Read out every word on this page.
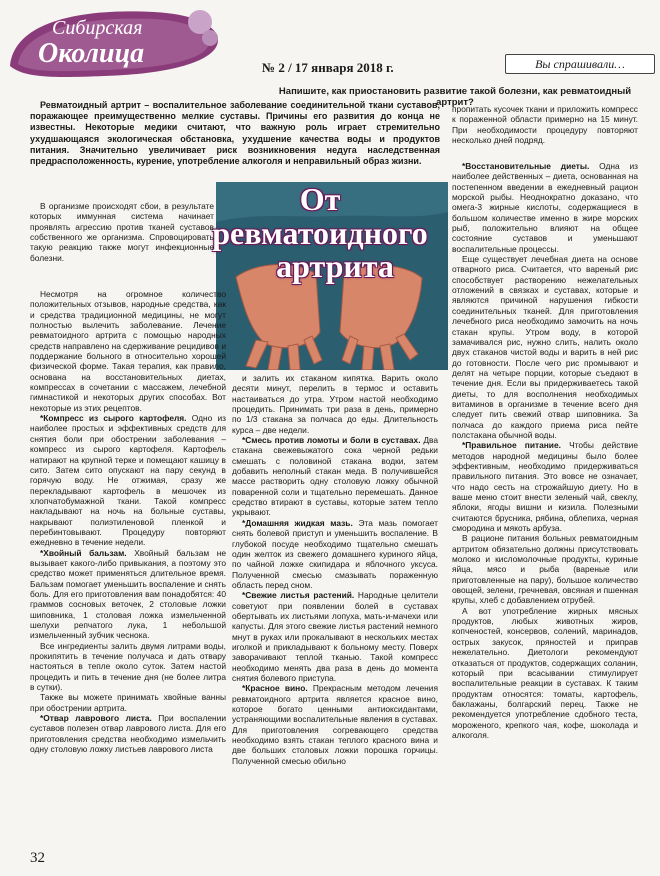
Сибирская
Околица	№ 2 / 17 января 2018 г.	Вы спрашивали…
Напишите, как приостановить развитие такой болезни, как ревматоидный артрит?

Ревматоидный артрит – воспалительное заболевание соединительной ткани суставов, поражающее преимущественно мелкие суставы. Причины его развития до конца не известны. Некоторые медики считают, что важную роль играет стремительно ухудшающаяся экологическая обстановка, ухудшение качества воды и продуктов питания. Значительно увеличивает риск возникновения недуга наследственная предрасположенность, курение, употребление алкоголя и неправильный образ жизни.

От ревматоидного
артрита

В организме происходят сбои, в результате которых иммунная система начинает проявлять агрессию против тканей суставов собственного же организма. Спровоцировать такую реакцию также могут инфекционные болезни.

Несмотря на огромное количество положительных отзывов, народные средства, как и средства традиционной медицины, не могут полностью вылечить заболевание. Лечение ревматоидного артрита с помощью народных средств направлено на сдерживание рецидивов и поддержание больного в относительно хорошей физической форме. Такая терапия, как правило, основана на восстановительных диетах, компрессах в сочетании с массажем, лечебной гимнастикой и некоторых других способах. Вот некоторые из этих рецептов.

*Компресс из сырого картофеля. Одно из наиболее простых и эффективных средств для снятия боли при обострении заболевания – компресс из сырого картофеля. Картофель натирают на крупной терке и помещают кашицу в сито. Затем сито опускают на пару секунд в горячую воду. Не отжимая, сразу же перекладывают картофель в мешочек из хлопчатобумажной ткани. Такой компресс накладывают на ночь на больные суставы, накрывают полиэтиленовой пленкой и перебинтовывают. Процедуру повторяют ежедневно в течение недели.

*Хвойный бальзам. Хвойный бальзам не вызывает какого-либо привыкания, а поэтому это средство может применяться длительное время. Бальзам помогает уменьшить воспаление и снять боль. Для его приготовления вам понадобятся: 40 граммов сосновых веточек, 2 столовые ложки шиповника, 1 столовая ложка измельченной шелухи репчатого лука, 1 небольшой измельченный зубчик чеснока.

Все ингредиенты залить двумя литрами воды, прокипятить в течение получаса и дать отвару настояться в тепле около суток. Затем настой процедить и пить в течение дня (не более литра в сутки).

Также вы можете принимать хвойные ванны при обострении артрита.

*Отвар лаврового листа. При воспалении суставов полезен отвар лаврового листа. Для его приготовления средства необходимо измельчить одну столовую ложку листьев лаврового листа

и залить их стаканом кипятка. Варить около десяти минут, перелить в термос и оставить настаиваться до утра. Утром настой необходимо процедить. Принимать три раза в день, примерно по 1/3 стакана за полчаса до еды. Длительность курса – две недели.

*Смесь против ломоты и боли в суставах. Два стакана свежевыжатого сока черной редьки смешать с половиной стакана водки, затем добавить неполный стакан меда. В получившейся массе растворить одну столовую ложку обычной поваренной соли и тщательно перемешать. Данное средство втирают в суставы, которые затем тепло укрывают.

*Домашняя жидкая мазь. Эта мазь помогает снять болевой приступ и уменьшить воспаление. В глубокой посуде необходимо тщательно смешать один желток из свежего домашнего куриного яйца, по чайной ложке скипидара и яблочного уксуса. Полученной смесью смазывать пораженную область перед сном.

*Свежие листья растений. Народные целители советуют при появлении болей в суставах обертывать их листьями лопуха, мать-и-мачехи или капусты. Для этого свежие листья растений немного мнут в руках или прокалывают в нескольких местах иголкой и прикладывают к больному месту. Поверх заворачивают теплой тканью. Такой компресс необходимо менять два раза в день до момента снятия болевого приступа.

*Красное вино. Прекрасным методом лечения ревматоидного артрита является красное вино, которое богато ценными антиоксидантами, устраняющими воспалительные явления в суставах. Для приготовления согревающего средства необходимо взять стакан теплого красного вина и две больших столовых ложки порошка горчицы. Полученной смесью обильно

пропитать кусочек ткани и приложить компресс к пораженной области примерно на 15 минут. При необходимости процедуру повторяют несколько дней подряд.

*Восстановительные диеты. Одна из наиболее действенных – диета, основанная на постепенном введении в ежедневный рацион морской рыбы. Неоднократно доказано, что омега-3 жирные кислоты, содержащиеся в большом количестве именно в жире морских рыб, положительно влияют на общее состояние суставов и уменьшают воспалительные процессы.

Еще существует лечебная диета на основе отварного риса. Считается, что вареный рис способствует растворению нежелательных отложений в связках и суставах, которые и являются причиной нарушения гибкости соединительных тканей. Для приготовления лечебного риса необходимо замочить на ночь стакан крупы. Утром воду, в которой замачивался рис, нужно слить, налить около двух стаканов чистой воды и варить в ней рис до готовности. После чего рис промывают и делят на четыре порции, которые съедают в течение дня. Если вы придерживаетесь такой диеты, то для восполнения необходимых витаминов в организме в течение всего дня следует пить свежий отвар шиповника. За полчаса до каждого приема риса пейте полстакана обычной воды.

*Правильное питание. Чтобы действие методов народной медицины было более эффективным, необходимо придерживаться правильного питания. Это вовсе не означает, что надо сесть на строжайшую диету. Но в ваше меню стоит внести зеленый чай, свеклу, яблоки, ягоды вишни и кизила. Полезными считаются брусника, рябина, облепиха, черная смородина и мякоть арбуза.

В рационе питания больных ревматоидным артритом обязательно должны присутствовать молоко и кисломолочные продукты, куриные яйца, мясо и рыба (вареные или приготовленные на пару), большое количество овощей, зелени, гречневая, овсяная и пшенная крупы, хлеб с добавлением отрубей.

А вот употребление жирных мясных продуктов, любых животных жиров, копченостей, консервов, солений, маринадов, острых закусок, пряностей и приправ нежелательно. Диетологи рекомендуют отказаться от продуктов, содержащих соланин, который при всасывании стимулирует воспалительные реакции в суставах. К таким продуктам относятся: томаты, картофель, баклажаны, болгарский перец. Также не рекомендуется употребление сдобного теста, мороженого, крепкого чая, кофе, шоколада и алкоголя.

32
